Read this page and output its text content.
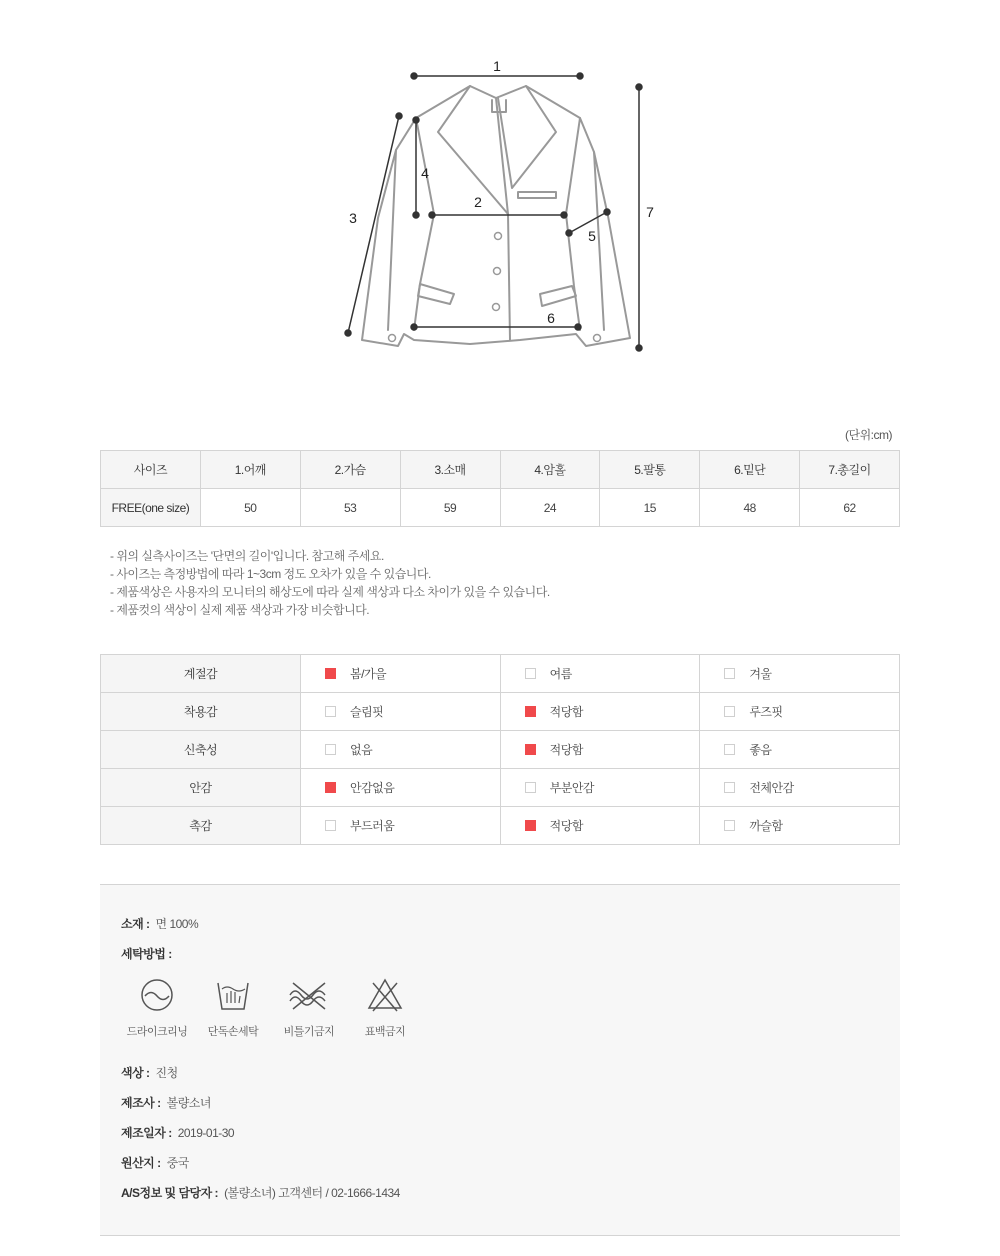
1
2
3
4
5
6
7
(단위:cm)
사이즈	1.어깨	2.가슴	3.소매	4.암홀	5.팔통	6.밑단	7.총길이
FREE(one size)	50	53	59	24	15	48	62
- 위의 실측사이즈는 '단면의 길이'입니다. 참고해 주세요.
- 사이즈는 측정방법에 따라 1~3cm 정도 오차가 있을 수 있습니다.
- 제품색상은 사용자의 모니터의 해상도에 따라 실제 색상과 다소 차이가 있을 수 있습니다.
- 제품컷의 색상이 실제 제품 색상과 가장 비슷합니다.
계절감	봄/가을	여름	겨울
착용감	슬림핏	적당함	루즈핏
신축성	없음	적당함	좋음
안감	안감없음	부분안감	전체안감
촉감	부드러움	적당함	까슬함
소재 : 면 100%
세탁방법 :
드라이크리닝	단독손세탁	비틀기금지	표백금지
색상 : 진청
제조사 : 볼량소녀
제조일자 : 2019-01-30
원산지 : 중국
A/S정보 및 담당자 : (볼량소녀) 고객센터 / 02-1666-1434
